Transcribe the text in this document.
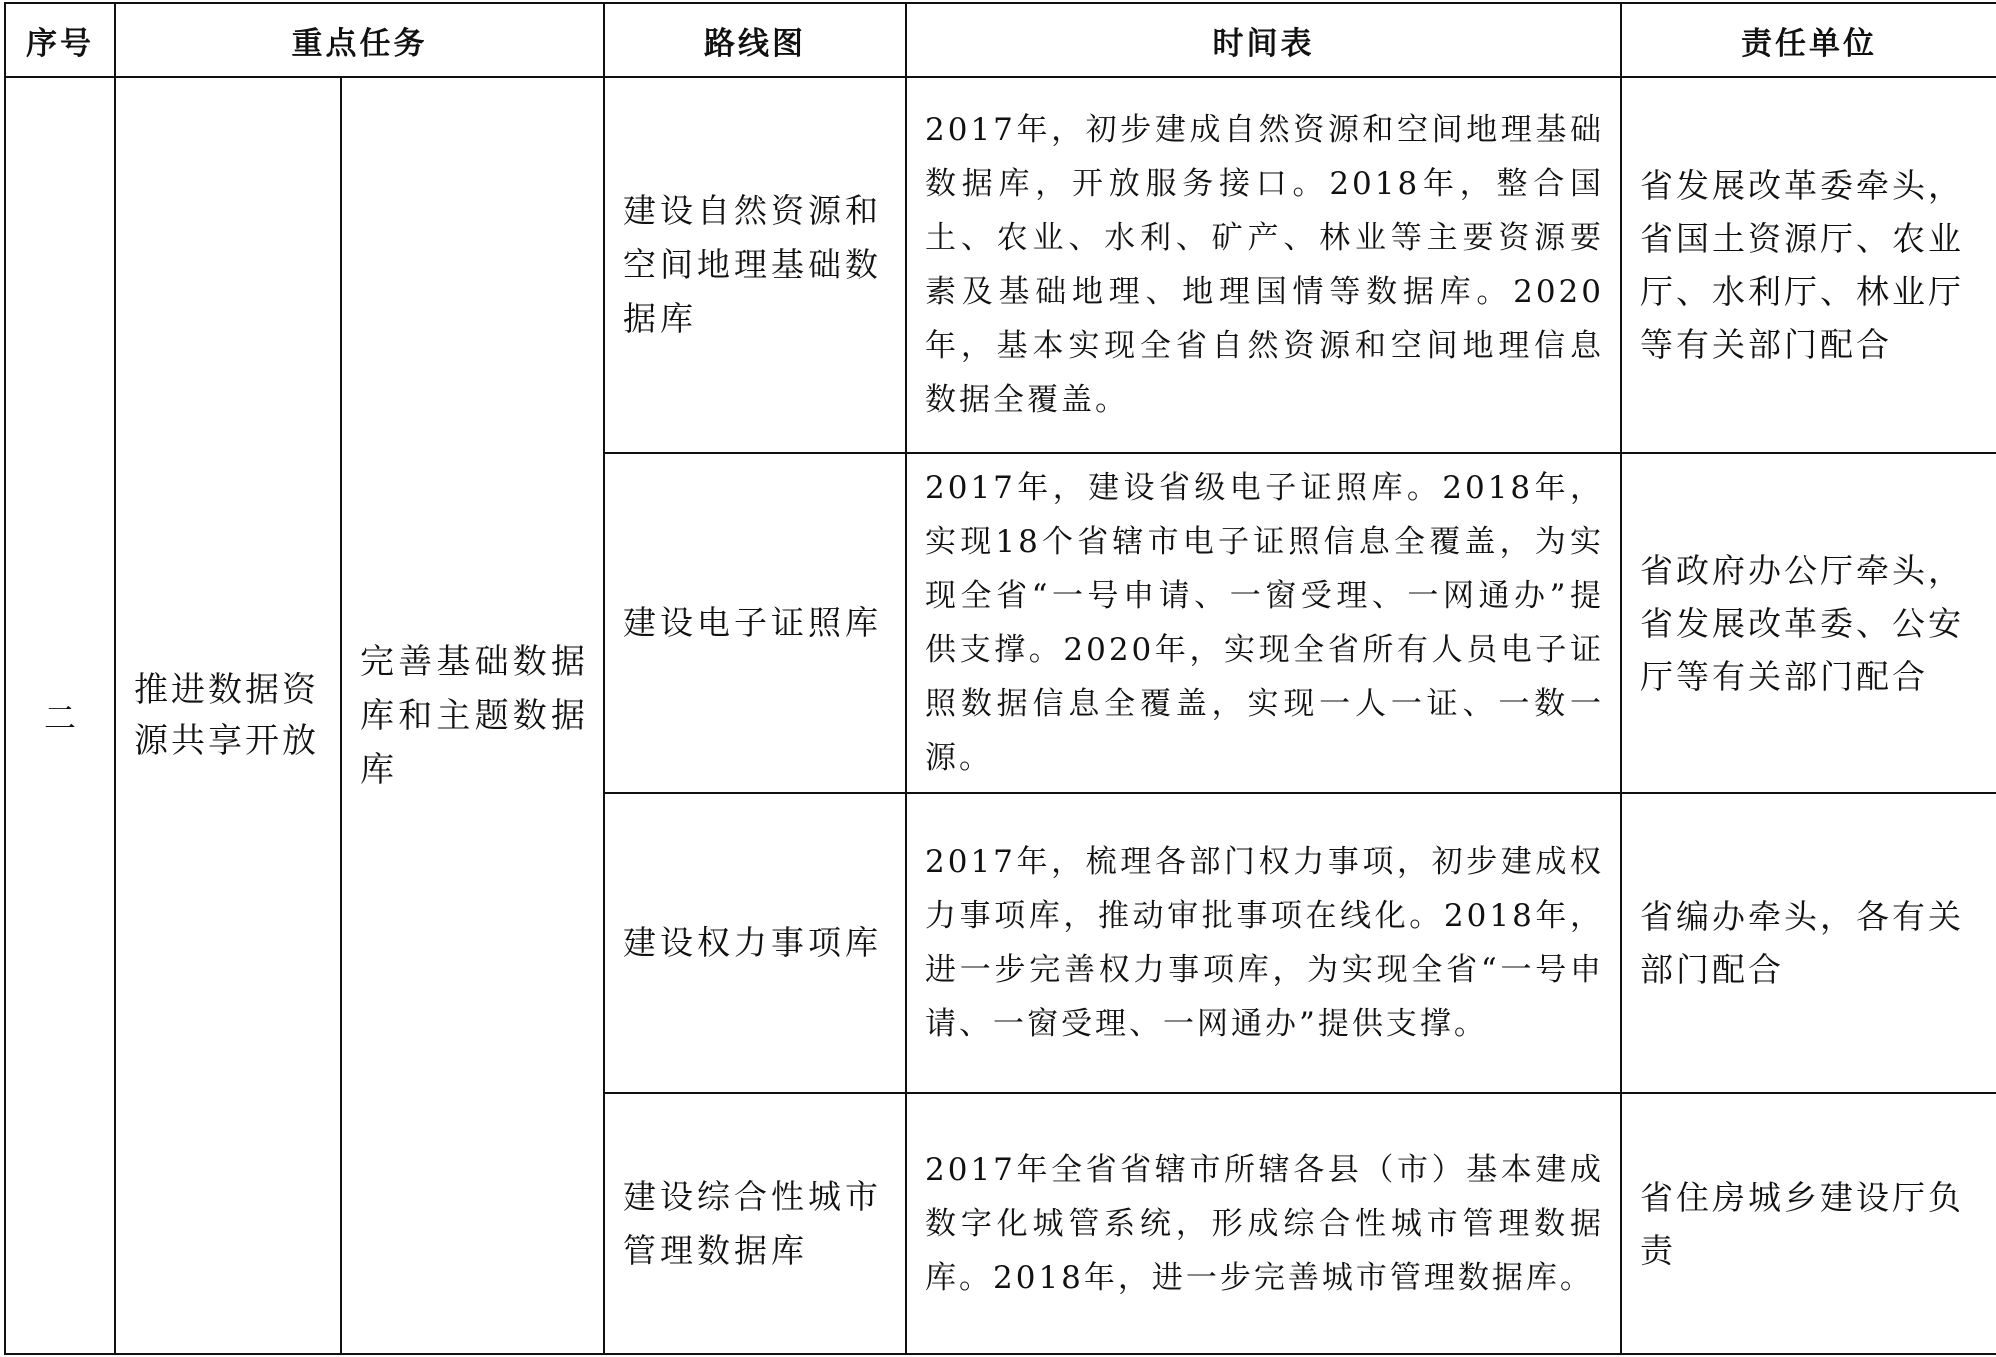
序号	重点任务		路线图	时间表	责任单位
二	推进数据资源共享开放	完善基础数据库和主题数据库	建设自然资源和空间地理基础数据库	2017年，初步建成自然资源和空间地理基础数据库，开放服务接口。2018年，整合国土、农业、水利、矿产、林业等主要资源要素及基础地理、地理国情等数据库。2020年，基本实现全省自然资源和空间地理信息数据全覆盖。	省发展改革委牵头，省国土资源厅、农业厅、水利厅、林业厅等有关部门配合
			建设电子证照库	2017年，建设省级电子证照库。2018年，实现18个省辖市电子证照信息全覆盖，为实现全省“一号申请、一窗受理、一网通办”提供支撑。2020年，实现全省所有人员电子证照数据信息全覆盖，实现一人一证、一数一源。	省政府办公厅牵头，省发展改革委、公安厅等有关部门配合
			建设权力事项库	2017年，梳理各部门权力事项，初步建成权力事项库，推动审批事项在线化。2018年，进一步完善权力事项库，为实现全省“一号申请、一窗受理、一网通办”提供支撑。	省编办牵头，各有关部门配合
			建设综合性城市管理数据库	2017年全省省辖市所辖各县（市）基本建成数字化城管系统，形成综合性城市管理数据库。2018年，进一步完善城市管理数据库。	省住房城乡建设厅负责
